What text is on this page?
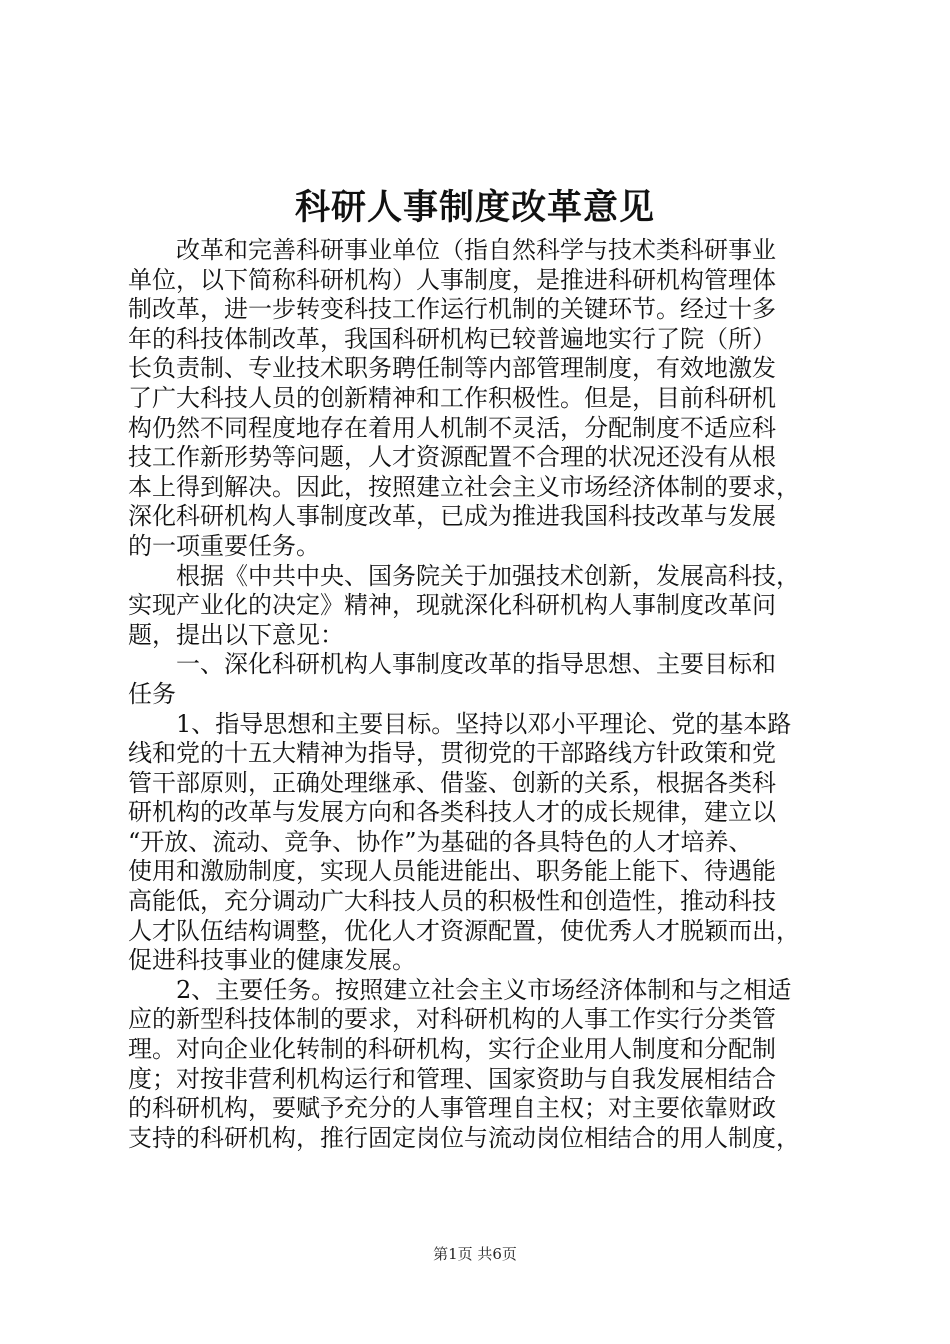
科研人事制度改革意见
　　改革和完善科研事业单位（指自然科学与技术类科研事业
单位，以下简称科研机构）人事制度，是推进科研机构管理体
制改革，进一步转变科技工作运行机制的关键环节。经过十多
年的科技体制改革，我国科研机构已较普遍地实行了院（所）
长负责制、专业技术职务聘任制等内部管理制度，有效地激发
了广大科技人员的创新精神和工作积极性。但是，目前科研机
构仍然不同程度地存在着用人机制不灵活，分配制度不适应科
技工作新形势等问题，人才资源配置不合理的状况还没有从根
本上得到解决。因此，按照建立社会主义市场经济体制的要求，
深化科研机构人事制度改革，已成为推进我国科技改革与发展
的一项重要任务。
　　根据《中共中央、国务院关于加强技术创新，发展高科技，
实现产业化的决定》精神，现就深化科研机构人事制度改革问
题，提出以下意见：
　　一、深化科研机构人事制度改革的指导思想、主要目标和
任务
　　1、指导思想和主要目标。坚持以邓小平理论、党的基本路
线和党的十五大精神为指导，贯彻党的干部路线方针政策和党
管干部原则，正确处理继承、借鉴、创新的关系，根据各类科
研机构的改革与发展方向和各类科技人才的成长规律，建立以
“开放、流动、竞争、协作”为基础的各具特色的人才培养、
使用和激励制度，实现人员能进能出、职务能上能下、待遇能
高能低，充分调动广大科技人员的积极性和创造性，推动科技
人才队伍结构调整，优化人才资源配置，使优秀人才脱颖而出，
促进科技事业的健康发展。
　　2、主要任务。按照建立社会主义市场经济体制和与之相适
应的新型科技体制的要求，对科研机构的人事工作实行分类管
理。对向企业化转制的科研机构，实行企业用人制度和分配制
度；对按非营利机构运行和管理、国家资助与自我发展相结合
的科研机构，要赋予充分的人事管理自主权；对主要依靠财政
支持的科研机构，推行固定岗位与流动岗位相结合的用人制度，
第1页 共6页
